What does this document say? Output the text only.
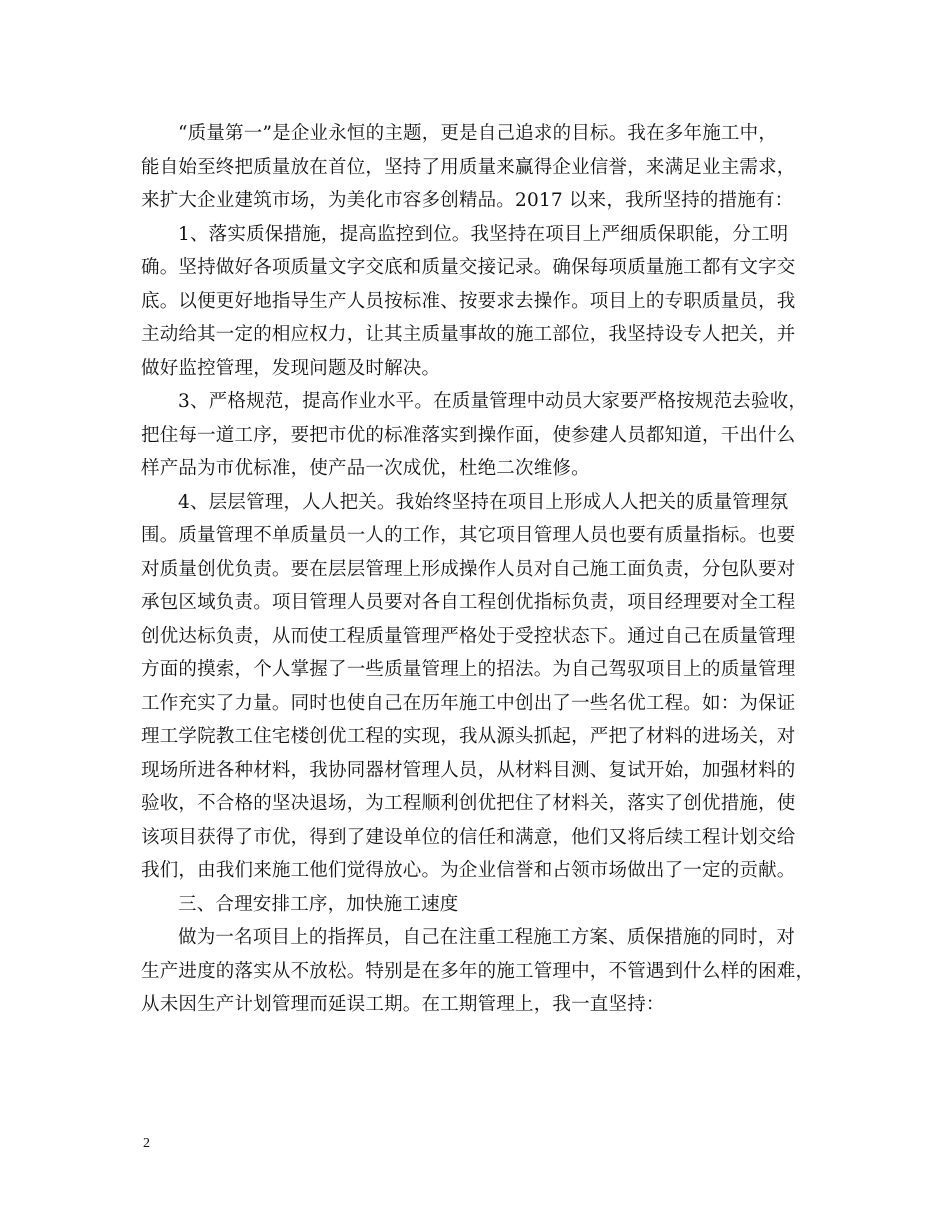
“质量第一”是企业永恒的主题，更是自己追求的目标。我在多年施工中，
能自始至终把质量放在首位，坚持了用质量来赢得企业信誉，来满足业主需求，
来扩大企业建筑市场，为美化市容多创精品。2017 以来，我所坚持的措施有：
1、落实质保措施，提高监控到位。我坚持在项目上严细质保职能，分工明
确。坚持做好各项质量文字交底和质量交接记录。确保每项质量施工都有文字交
底。以便更好地指导生产人员按标准、按要求去操作。项目上的专职质量员，我
主动给其一定的相应权力，让其主质量事故的施工部位，我坚持设专人把关，并
做好监控管理，发现问题及时解决。
3、严格规范，提高作业水平。在质量管理中动员大家要严格按规范去验收，
把住每一道工序，要把市优的标准落实到操作面，使参建人员都知道，干出什么
样产品为市优标准，使产品一次成优，杜绝二次维修。
4、层层管理，人人把关。我始终坚持在项目上形成人人把关的质量管理氛
围。质量管理不单质量员一人的工作，其它项目管理人员也要有质量指标。也要
对质量创优负责。要在层层管理上形成操作人员对自己施工面负责，分包队要对
承包区域负责。项目管理人员要对各自工程创优指标负责，项目经理要对全工程
创优达标负责，从而使工程质量管理严格处于受控状态下。通过自己在质量管理
方面的摸索，个人掌握了一些质量管理上的招法。为自己驾驭项目上的质量管理
工作充实了力量。同时也使自己在历年施工中创出了一些名优工程。如：为保证
理工学院教工住宅楼创优工程的实现，我从源头抓起，严把了材料的进场关，对
现场所进各种材料，我协同器材管理人员，从材料目测、复试开始，加强材料的
验收，不合格的坚决退场，为工程顺利创优把住了材料关，落实了创优措施，使
该项目获得了市优，得到了建设单位的信任和满意，他们又将后续工程计划交给
我们，由我们来施工他们觉得放心。为企业信誉和占领市场做出了一定的贡献。
三、合理安排工序，加快施工速度
做为一名项目上的指挥员，自己在注重工程施工方案、质保措施的同时，对
生产进度的落实从不放松。特别是在多年的施工管理中，不管遇到什么样的困难，
从未因生产计划管理而延误工期。在工期管理上，我一直坚持：
2
